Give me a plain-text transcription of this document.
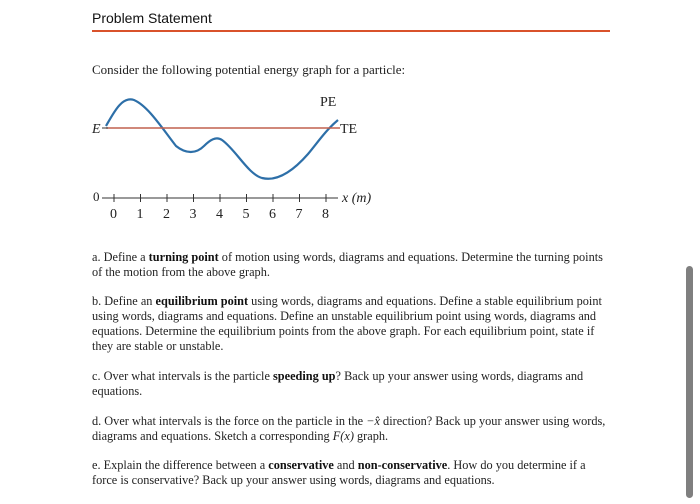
Problem Statement
Consider the following potential energy graph for a particle:
PE
TE
E
0	x (m)
0 1 2 3 4 5 6 7 8
a. Define a turning point of motion using words, diagrams and equations. Determine the turning points of the motion from the above graph.
b. Define an equilibrium point using words, diagrams and equations. Define a stable equilibrium point using words, diagrams and equations. Define an unstable equilibrium point using words, diagrams and equations. Determine the equilibrium points from the above graph. For each equilibrium point, state if they are stable or unstable.
c. Over what intervals is the particle speeding up? Back up your answer using words, diagrams and equations.
d. Over what intervals is the force on the particle in the −x̂ direction? Back up your answer using words, diagrams and equations. Sketch a corresponding F(x) graph.
e. Explain the difference between a conservative and non-conservative. How do you determine if a force is conservative? Back up your answer using words, diagrams and equations.
